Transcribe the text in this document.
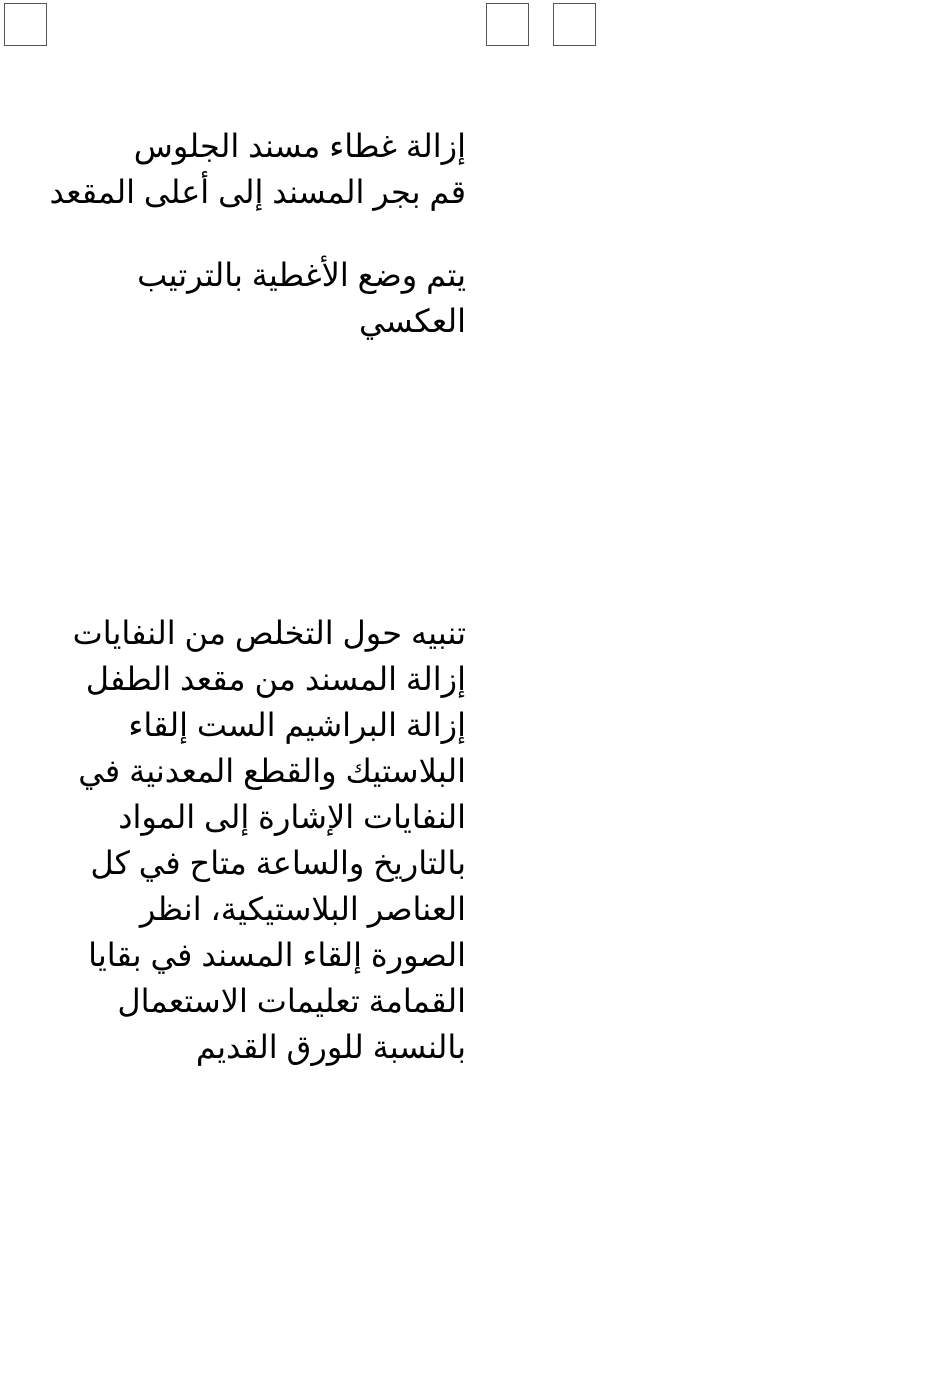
إزالة غطاء مسند الجلوس
قم بجر المسند إلى أعلى المقعد
يتم وضع الأغطية بالترتيب
العكسي
تنبيه حول التخلص من النفايات
إزالة المسند من مقعد الطفل
إزالة البراشيم الست إلقاء
البلاستيك والقطع المعدنية في
النفايات الإشارة إلى المواد
بالتاريخ والساعة متاح في كل
العناصر البلاستيكية، انظر
الصورة إلقاء المسند في بقايا
القمامة تعليمات الاستعمال
بالنسبة للورق القديم
